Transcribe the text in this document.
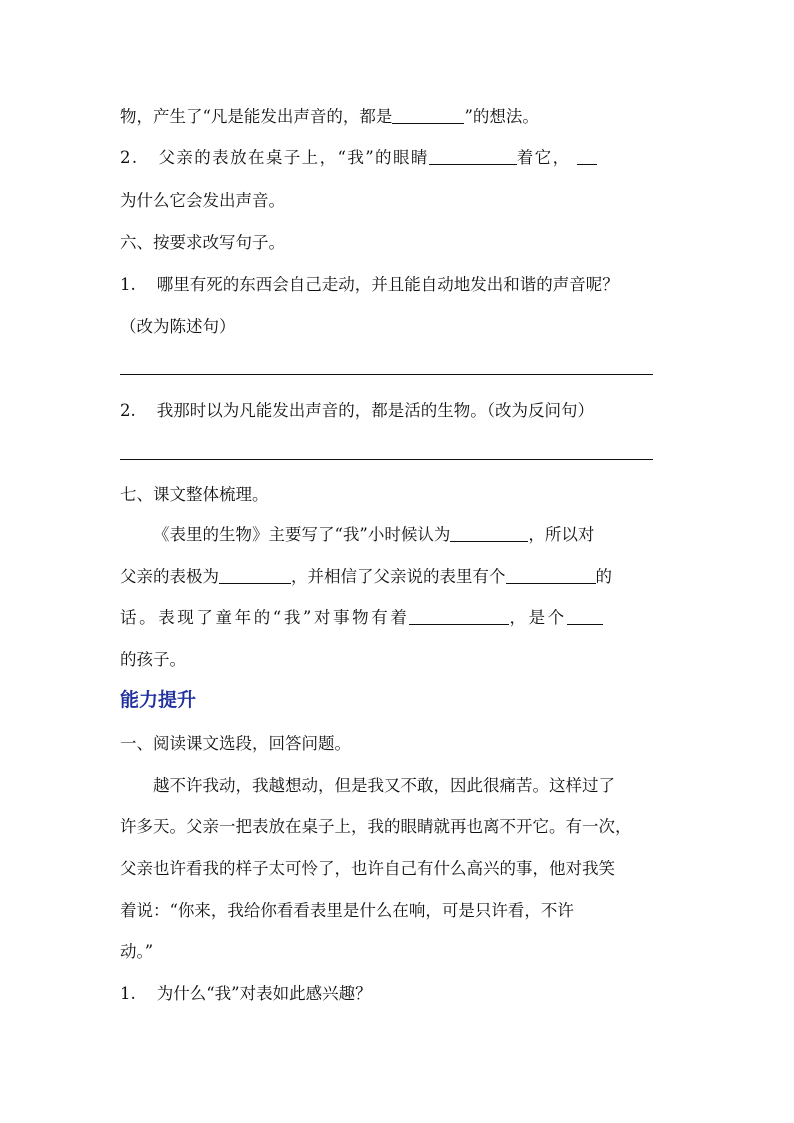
物，产生了“凡是能发出声音的，都是	”的想法。
2. 父亲的表放在桌子上，“我”的眼睛	着它，
为什么它会发出声音。
六、按要求改写句子。
1. 哪里有死的东西会自己走动，并且能自动地发出和谐的声音呢？
（改为陈述句）
2. 我那时以为凡能发出声音的，都是活的生物。（改为反问句）
七、课文整体梳理。
《表里的生物》主要写了“我”小时候认为	，所以对
父亲的表极为	，并相信了父亲说的表里有个	的
话。表现了童年的“我”对事物有着	，是个
的孩子。
能力提升
一、阅读课文选段，回答问题。
越不许我动，我越想动，但是我又不敢，因此很痛苦。这样过了
许多天。父亲一把表放在桌子上，我的眼睛就再也离不开它。有一次，
父亲也许看我的样子太可怜了，也许自己有什么高兴的事，他对我笑
着说：“你来，我给你看看表里是什么在响，可是只许看，不许
动。”
1. 为什么“我”对表如此感兴趣？
